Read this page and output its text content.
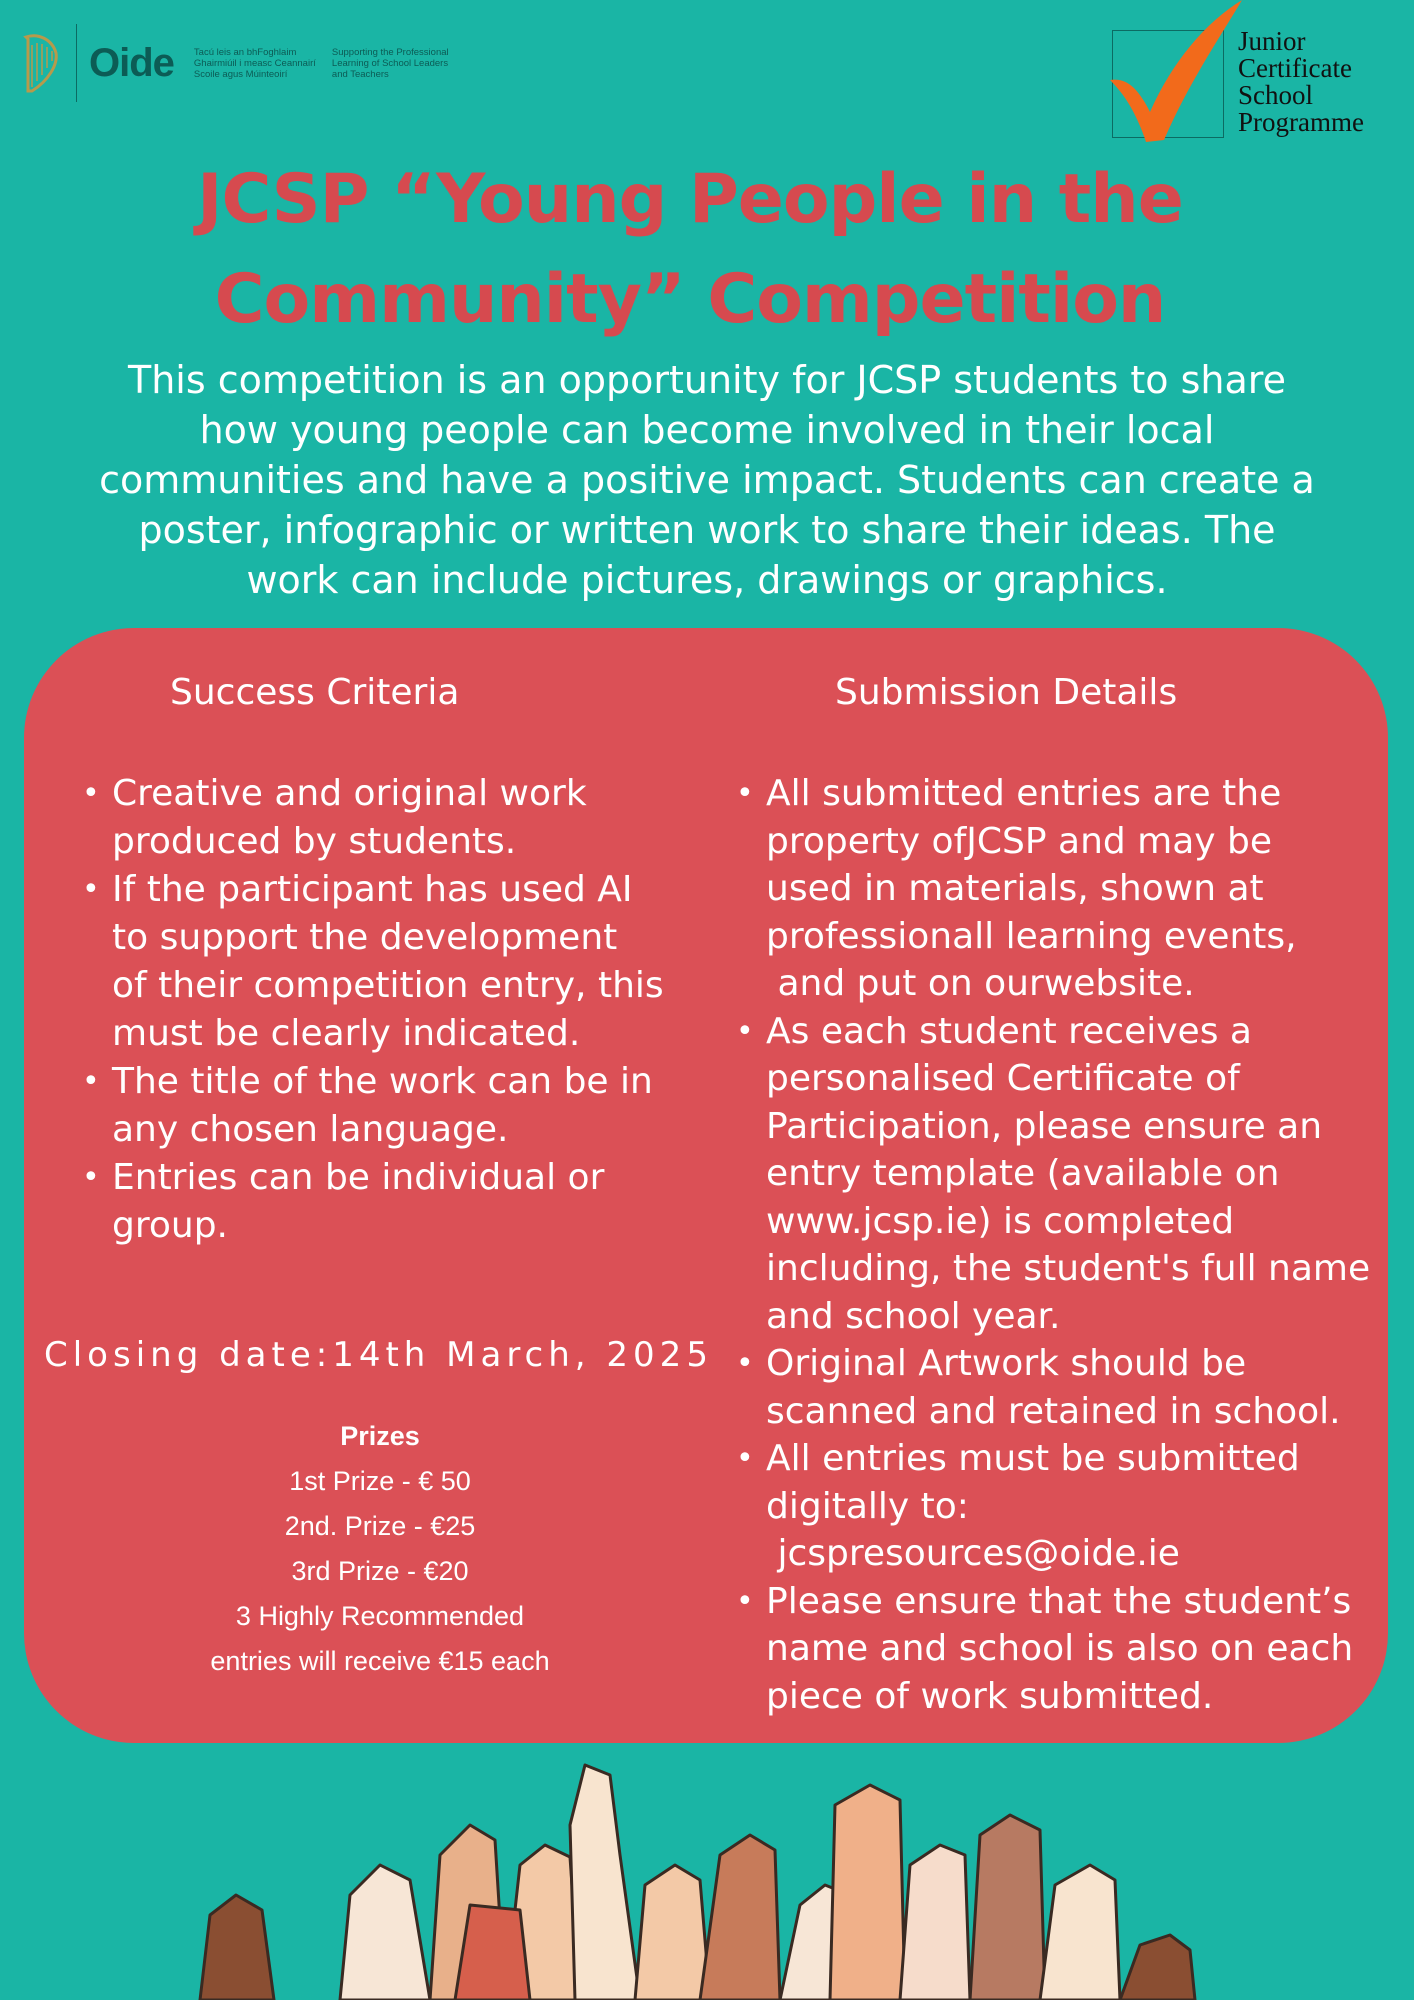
Oide Tacú leis an bhFoghlaim
Ghairmiúil i measc Ceannairí
Scoile agus Múinteoirí
Supporting the Professional
Learning of School Leaders
and Teachers
Junior
Certificate
School
Programme
JCSP “Young People in the
Community” Competition
This competition is an opportunity for JCSP students to share
how young people can become involved in their local
communities and have a positive impact. Students can create a
poster, infographic or written work to share their ideas. The
work can include pictures, drawings or graphics.
Success Criteria	Submission Details
• Creative and original work
produced by students.
• If the participant has used AI
to support the development
of their competition entry, this
must be clearly indicated.
• The title of the work can be in
any chosen language.
• Entries can be individual or
group.
Closing date:14th March, 2025
Prizes
1st Prize - € 50
2nd. Prize - €25
3rd Prize - €20
3 Highly Recommended
entries will receive €15 each
• All submitted entries are the
property ofJCSP and may be
used in materials, shown at
professionall learning events,
and put on ourwebsite.
• As each student receives a
personalised Certificate of
Participation, please ensure an
entry template (available on
www.jcsp.ie) is completed
including, the student's full name
and school year.
• Original Artwork should be
scanned and retained in school.
• All entries must be submitted
digitally to:
jcspresources@oide.ie
• Please ensure that the student’s
name and school is also on each
piece of work submitted.
